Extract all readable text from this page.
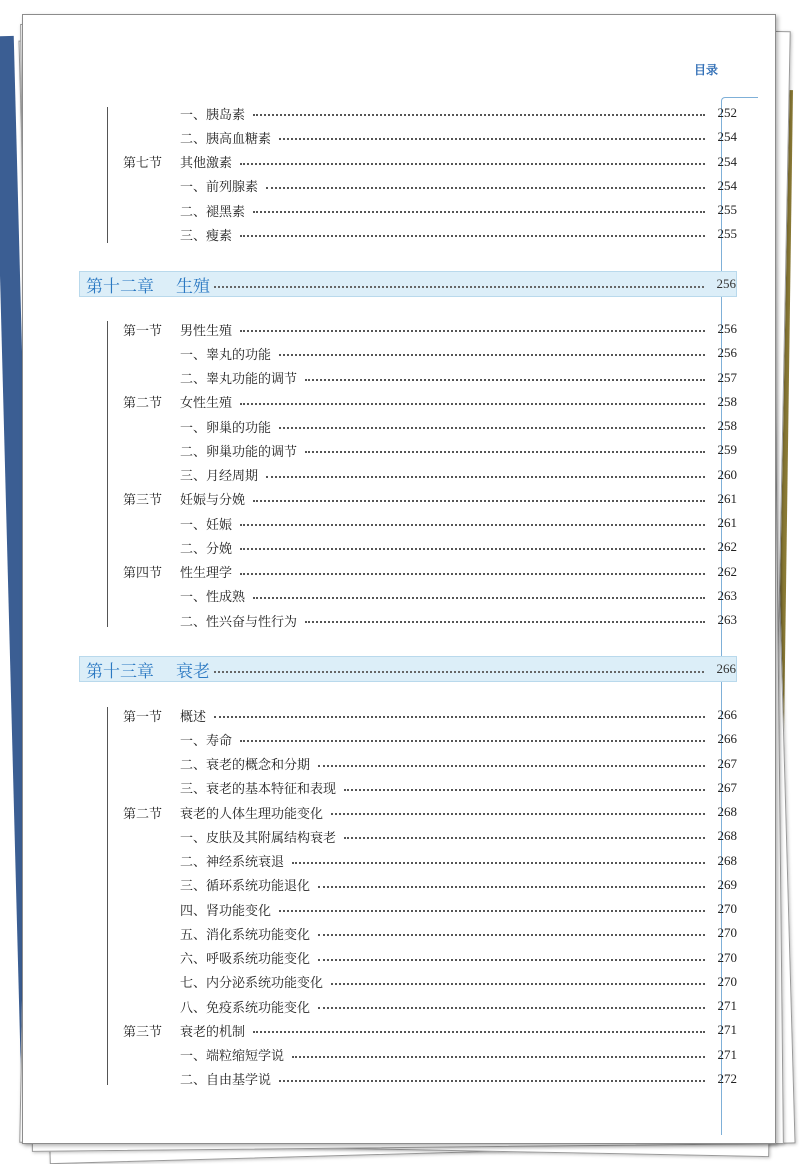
目录
一、胰岛素	252
二、胰高血糖素	254
第七节	其他激素	254
一、前列腺素	254
二、褪黑素	255
三、瘦素	255
第十二章 生殖	256
第一节	男性生殖	256
一、睾丸的功能	256
二、睾丸功能的调节	257
第二节	女性生殖	258
一、卵巢的功能	258
二、卵巢功能的调节	259
三、月经周期	260
第三节	妊娠与分娩	261
一、妊娠	261
二、分娩	262
第四节	性生理学	262
一、性成熟	263
二、性兴奋与性行为	263
第十三章 衰老	266
第一节	概述	266
一、寿命	266
二、衰老的概念和分期	267
三、衰老的基本特征和表现	267
第二节	衰老的人体生理功能变化	268
一、皮肤及其附属结构衰老	268
二、神经系统衰退	268
三、循环系统功能退化	269
四、肾功能变化	270
五、消化系统功能变化	270
六、呼吸系统功能变化	270
七、内分泌系统功能变化	270
八、免疫系统功能变化	271
第三节	衰老的机制	271
一、端粒缩短学说	271
二、自由基学说	272
